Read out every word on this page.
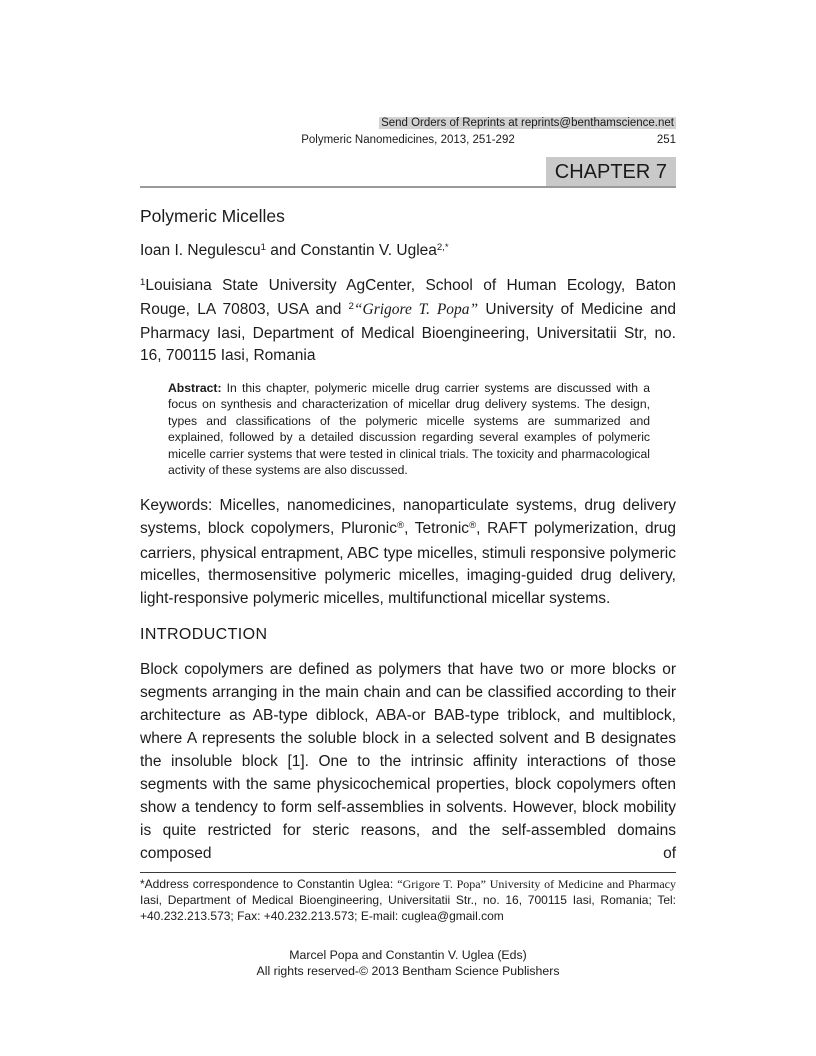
Send Orders of Reprints at reprints@benthamscience.net
Polymeric Nanomedicines, 2013, 251-292	251
CHAPTER 7
Polymeric Micelles

Ioan I. Negulescu$^1$ and Constantin V. Uglea$^{2,*}$

$^1$Louisiana State University AgCenter, School of Human Ecology, Baton Rouge, LA 70803, USA and $^2$“Grigore T. Popa” University of Medicine and Pharmacy Iasi, Department of Medical Bioengineering, Universitatii Str, no. 16, 700115 Iasi, Romania

Abstract: In this chapter, polymeric micelle drug carrier systems are discussed with a focus on synthesis and characterization of micellar drug delivery systems. The design, types and classifications of the polymeric micelle systems are summarized and explained, followed by a detailed discussion regarding several examples of polymeric micelle carrier systems that were tested in clinical trials. The toxicity and pharmacological activity of these systems are also discussed.

Keywords: Micelles, nanomedicines, nanoparticulate systems, drug delivery systems, block copolymers, Pluronic®, Tetronic®, RAFT polymerization, drug carriers, physical entrapment, ABC type micelles, stimuli responsive polymeric micelles, thermosensitive polymeric micelles, imaging-guided drug delivery, light-responsive polymeric micelles, multifunctional micellar systems.

INTRODUCTION

Block copolymers are defined as polymers that have two or more blocks or segments arranging in the main chain and can be classified according to their architecture as AB-type diblock, ABA-or BAB-type triblock, and multiblock, where A represents the soluble block in a selected solvent and B designates the insoluble block [1]. One to the intrinsic affinity interactions of those segments with the same physicochemical properties, block copolymers often show a tendency to form self-assemblies in solvents. However, block mobility is quite restricted for steric reasons, and the self-assembled domains composed of

*Address correspondence to Constantin Uglea: “Grigore T. Popa” University of Medicine and Pharmacy Iasi, Department of Medical Bioengineering, Universitatii Str., no. 16, 700115 Iasi, Romania; Tel: +40.232.213.573; Fax: +40.232.213.573; E-mail: cuglea@gmail.com

Marcel Popa and Constantin V. Uglea (Eds)
All rights reserved-© 2013 Bentham Science Publishers
